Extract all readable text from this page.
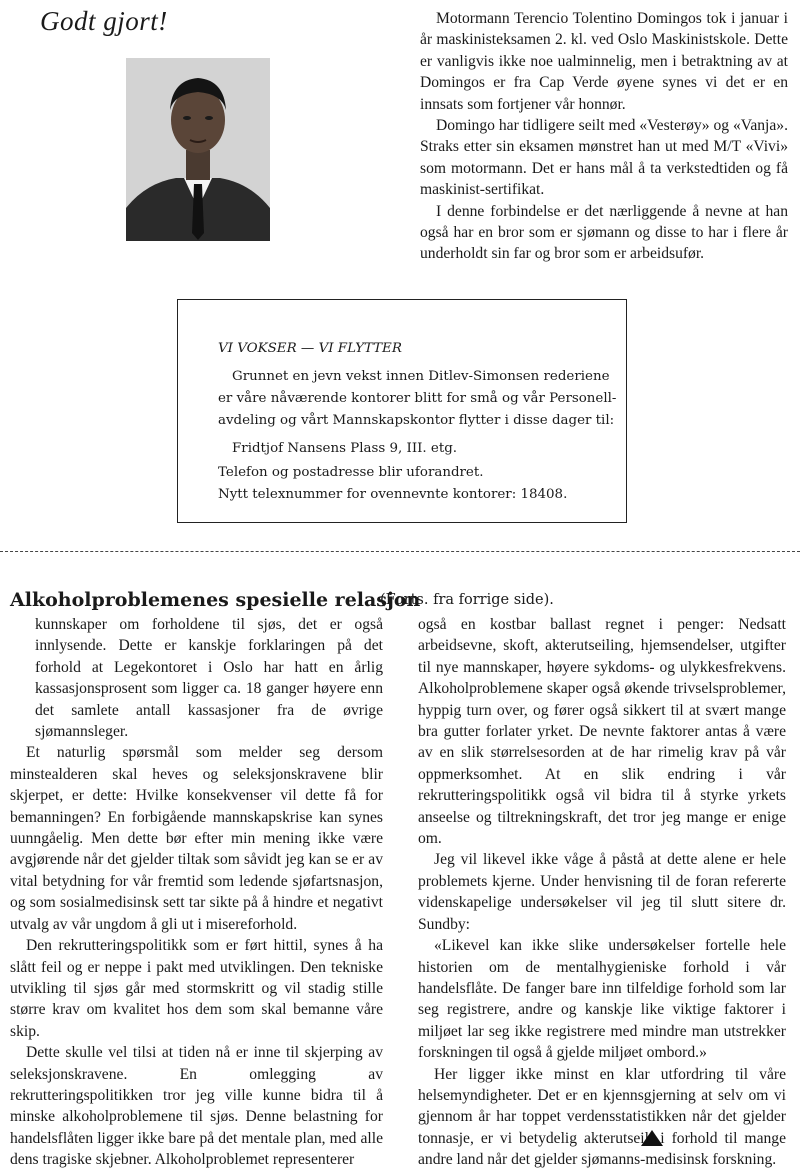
Godt gjort!	Motormann Terencio Tolentino Domingos tok i januar i år maskinisteksamen 2. kl. ved Oslo Maskinistskole. Dette er vanligvis ikke noe ualminnelig, men i betraktning av at Domingos er fra Cap Verde øyene synes vi det er en innsats som fortjener vår honnør.

Domingo har tidligere seilt med «Vesterøy» og «Vanja». Straks etter sin eksamen mønstret han ut med M/T «Vivi» som motormann. Det er hans mål å ta verkstedtiden og få maskinist-sertifikat.

I denne forbindelse er det nærliggende å nevne at han også har en bror som er sjømann og disse to har i flere år underholdt sin far og bror som er arbeidsufør.

VI VOKSER — VI FLYTTER
Grunnet en jevn vekst innen Ditlev-Simonsen rederiene
er våre nåværende kontorer blitt for små og vår Personell-
avdeling og vårt Mannskapskontor flytter i disse dager til:
Fridtjof Nansens Plass 9, III. etg.
Telefon og postadresse blir uforandret.
Nytt telexnummer for ovennevnte kontorer: 18408.
Alkoholproblemenes spesielle relasjon
(Forts. fra forrige side).

kunnskaper om forholdene til sjøs, det er også innlysende. Dette er kanskje forklaringen på det forhold at Legekontoret i Oslo har hatt en årlig kassasjonsprosent som ligger ca. 18 ganger høyere enn det samlete antall kassasjoner fra de øvrige sjømannsleger.

Et naturlig spørsmål som melder seg dersom minstealderen skal heves og seleksjonskravene blir skjerpet, er dette: Hvilke konsekvenser vil dette få for bemanningen? En forbigående mannskapskrise kan synes uunngåelig. Men dette bør efter min mening ikke være avgjørende når det gjelder tiltak som såvidt jeg kan se er av vital betydning for vår fremtid som ledende sjøfartsnasjon, og som sosialmedisinsk sett tar sikte på å hindre et negativt utvalg av vår ungdom å gli ut i misereforhold.

Den rekrutteringspolitikk som er ført hittil, synes å ha slått feil og er neppe i pakt med utviklingen. Den tekniske utvikling til sjøs går med stormskritt og vil stadig stille større krav om kvalitet hos dem som skal bemanne våre skip.

Dette skulle vel tilsi at tiden nå er inne til skjerping av seleksjonskravene. En omlegging av rekrutteringspolitikken tror jeg ville kunne bidra til å minske alkoholproblemene til sjøs. Denne belastning for handelsflåten ligger ikke bare på det mentale plan, med alle dens tragiske skjebner. Alkoholproblemet representerer

også en kostbar ballast regnet i penger: Nedsatt arbeidsevne, skoft, akterutseiling, hjemsendelser, utgifter til nye mannskaper, høyere sykdoms- og ulykkesfrekvens. Alkoholproblemene skaper også økende trivselsproblemer, hyppig turn over, og fører også sikkert til at svært mange bra gutter forlater yrket. De nevnte faktorer antas å være av en slik størrelsesorden at de har rimelig krav på vår oppmerksomhet. At en slik endring i vår rekrutteringspolitikk også vil bidra til å styrke yrkets anseelse og tiltrekningskraft, det tror jeg mange er enige om.

Jeg vil likevel ikke våge å påstå at dette alene er hele problemets kjerne. Under henvisning til de foran refererte videnskapelige undersøkelser vil jeg til slutt sitere dr. Sundby:

«Likevel kan ikke slike undersøkelser fortelle hele historien om de mentalhygieniske forhold i vår handelsflåte. De fanger bare inn tilfeldige forhold som lar seg registrere, andre og kanskje like viktige faktorer i miljøet lar seg ikke registrere med mindre man utstrekker forskningen til også å gjelde miljøet ombord.»

Her ligger ikke minst en klar utfordring til våre helsemyndigheter. Det er en kjennsgjerning at selv om vi gjennom år har toppet verdensstatistikken når det gjelder tonnasje, er vi betydelig akterutseilt i forhold til mange andre land når det gjelder sjømanns-medisinsk forskning.
